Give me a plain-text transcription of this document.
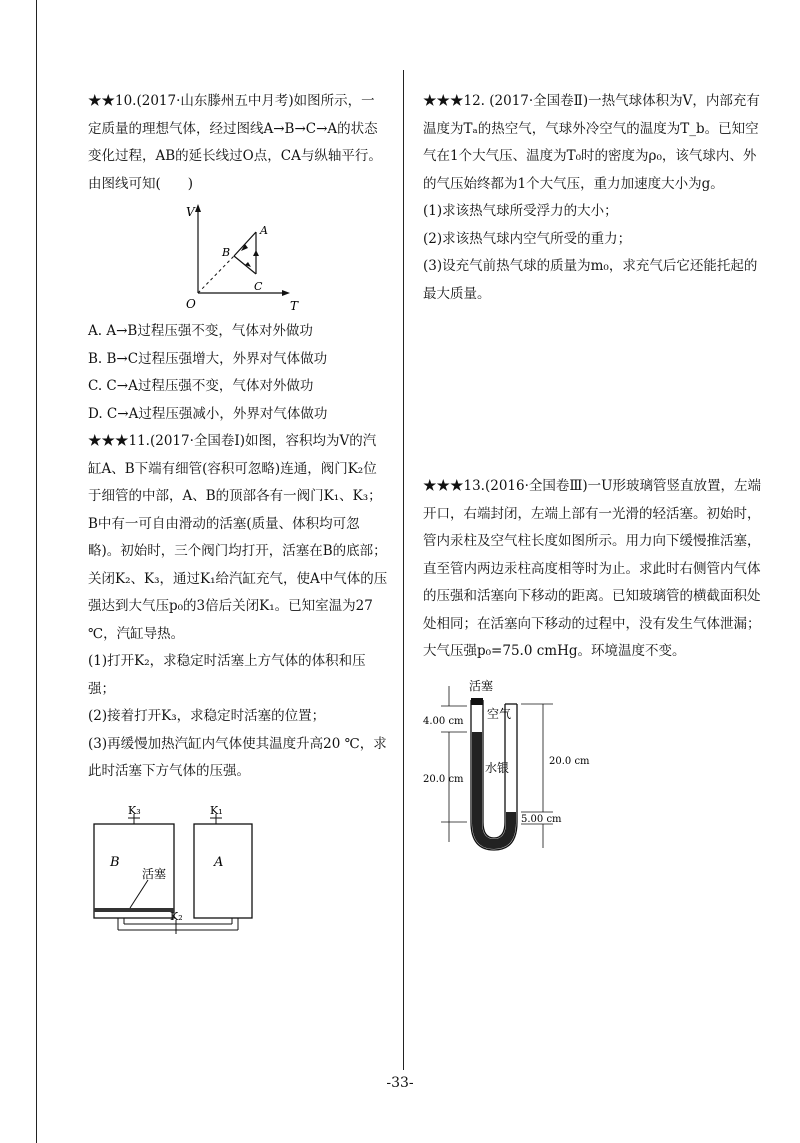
★★10.(2017·山东滕州五中月考)如图所示，一定质量的理想气体，经过图线A→B→C→A的状态变化过程，AB的延长线过O点，CA与纵轴平行。由图线可知(　　)

V
T
O
A
B
C

A. A→B过程压强不变，气体对外做功

B. B→C过程压强增大，外界对气体做功

C. C→A过程压强不变，气体对外做功

D. C→A过程压强减小，外界对气体做功

★★★11.(2017·全国卷Ⅰ)如图，容积均为V的汽缸A、B下端有细管(容积可忽略)连通，阀门K₂位于细管的中部，A、B的顶部各有一阀门K₁、K₃；B中有一可自由滑动的活塞(质量、体积均可忽略)。初始时，三个阀门均打开，活塞在B的底部；关闭K₂、K₃，通过K₁给汽缸充气，使A中气体的压强达到大气压p₀的3倍后关闭K₁。已知室温为27 ℃，汽缸导热。

(1)打开K₂，求稳定时活塞上方气体的体积和压强；

(2)接着打开K₃，求稳定时活塞的位置；

(3)再缓慢加热汽缸内气体使其温度升高20 ℃，求此时活塞下方气体的压强。

K₃	K₁
K₂
B	A
活塞

★★★12. (2017·全国卷Ⅱ)一热气球体积为V，内部充有温度为Tₐ的热空气，气球外冷空气的温度为T_b。已知空气在1个大气压、温度为T₀时的密度为ρ₀，该气球内、外的气压始终都为1个大气压，重力加速度大小为g。

(1)求该热气球所受浮力的大小；

(2)求该热气球内空气所受的重力；

(3)设充气前热气球的质量为m₀，求充气后它还能托起的最大质量。

★★★13.(2016·全国卷Ⅲ)一U形玻璃管竖直放置，左端开口，右端封闭，左端上部有一光滑的轻活塞。初始时，管内汞柱及空气柱长度如图所示。用力向下缓慢推活塞，直至管内两边汞柱高度相等时为止。求此时右侧管内气体的压强和活塞向下移动的距离。已知玻璃管的横截面积处处相同；在活塞向下移动的过程中，没有发生气体泄漏；大气压强p₀=75.0 cmHg。环境温度不变。

活塞
空气
水银
4.00 cm
20.0 cm
20.0 cm
5.00 cm
-33-
